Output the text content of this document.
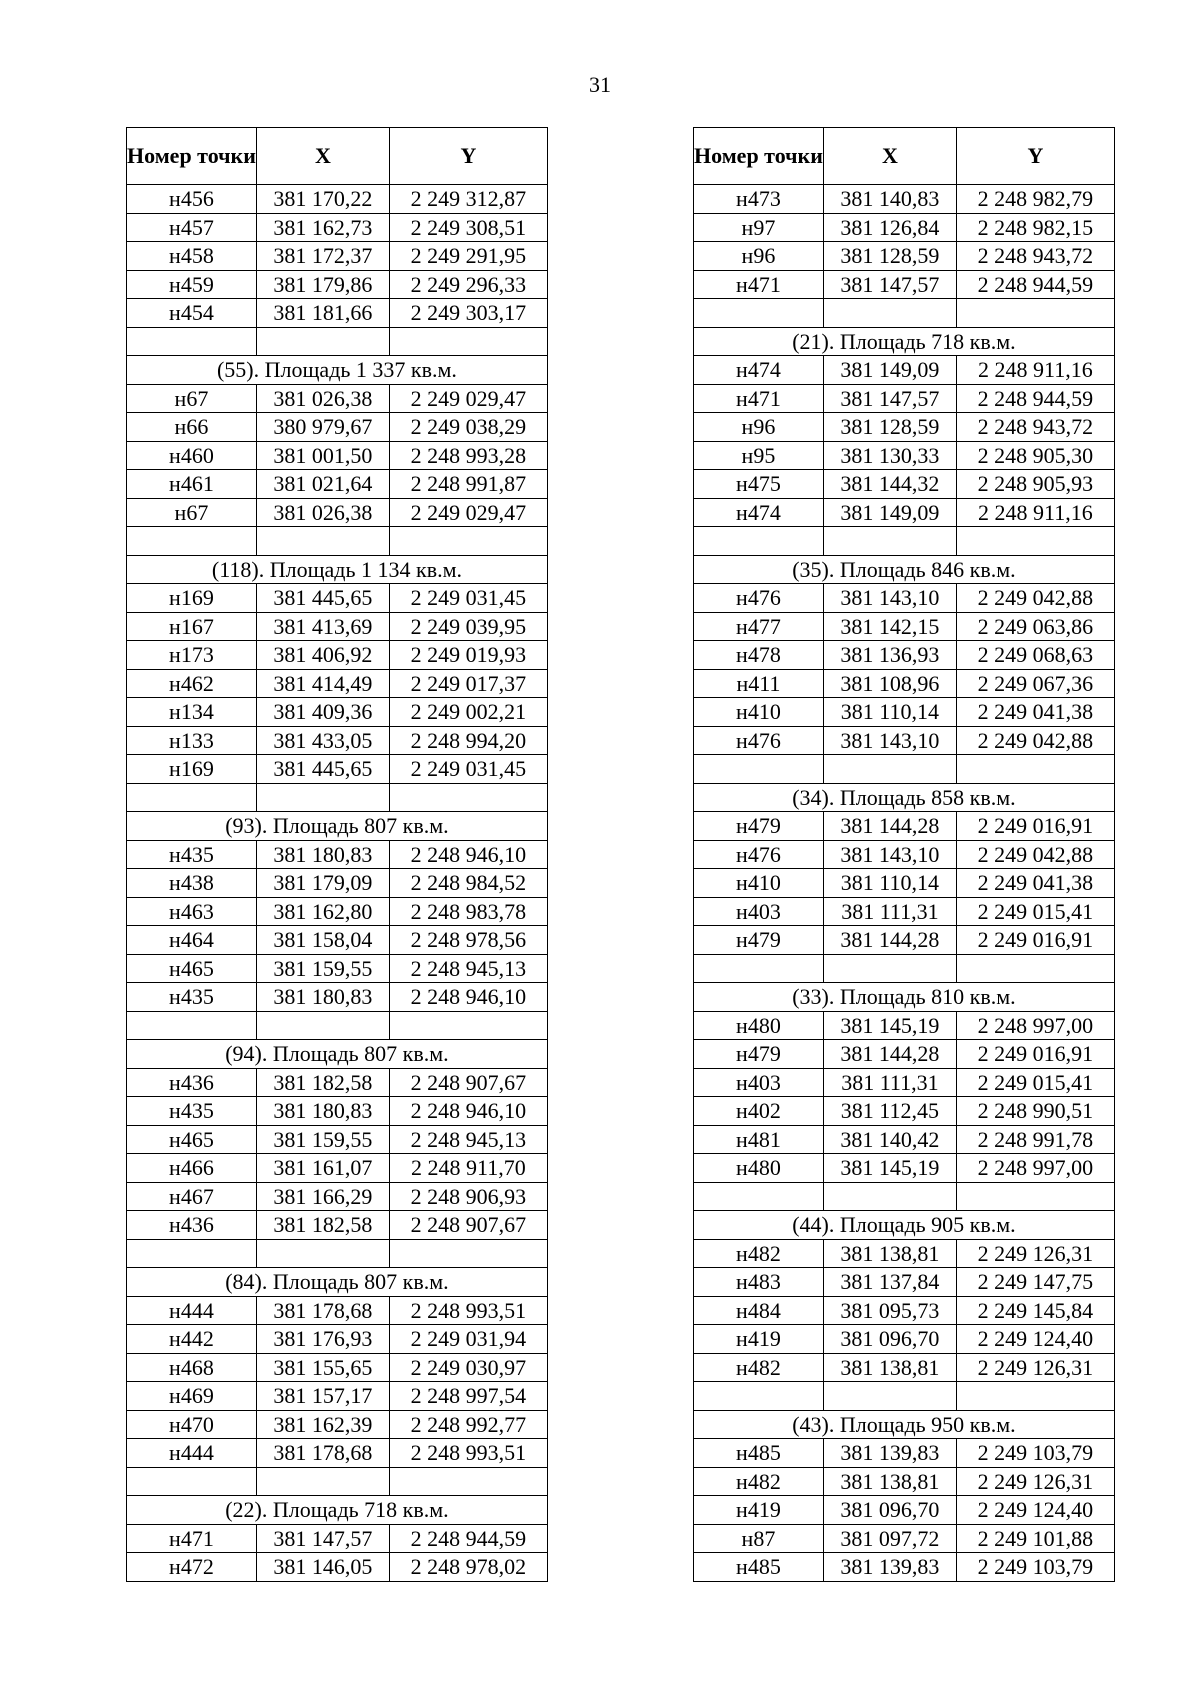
31
Номер точки	X	Y
н456	381 170,22	2 249 312,87
н457	381 162,73	2 249 308,51
н458	381 172,37	2 249 291,95
н459	381 179,86	2 249 296,33
н454	381 181,66	2 249 303,17

(55). Площадь 1 337 кв.м.		
н67	381 026,38	2 249 029,47
н66	380 979,67	2 249 038,29
н460	381 001,50	2 248 993,28
н461	381 021,64	2 248 991,87
н67	381 026,38	2 249 029,47

(118). Площадь 1 134 кв.м.		
н169	381 445,65	2 249 031,45
н167	381 413,69	2 249 039,95
н173	381 406,92	2 249 019,93
н462	381 414,49	2 249 017,37
н134	381 409,36	2 249 002,21
н133	381 433,05	2 248 994,20
н169	381 445,65	2 249 031,45

(93). Площадь 807 кв.м.		
н435	381 180,83	2 248 946,10
н438	381 179,09	2 248 984,52
н463	381 162,80	2 248 983,78
н464	381 158,04	2 248 978,56
н465	381 159,55	2 248 945,13
н435	381 180,83	2 248 946,10

(94). Площадь 807 кв.м.		
н436	381 182,58	2 248 907,67
н435	381 180,83	2 248 946,10
н465	381 159,55	2 248 945,13
н466	381 161,07	2 248 911,70
н467	381 166,29	2 248 906,93
н436	381 182,58	2 248 907,67

(84). Площадь 807 кв.м.		
н444	381 178,68	2 248 993,51
н442	381 176,93	2 249 031,94
н468	381 155,65	2 249 030,97
н469	381 157,17	2 248 997,54
н470	381 162,39	2 248 992,77
н444	381 178,68	2 248 993,51

(22). Площадь 718 кв.м.		
н471	381 147,57	2 248 944,59
н472	381 146,05	2 248 978,02
Номер точки	X	Y
н473	381 140,83	2 248 982,79
н97	381 126,84	2 248 982,15
н96	381 128,59	2 248 943,72
н471	381 147,57	2 248 944,59

(21). Площадь 718 кв.м.		
н474	381 149,09	2 248 911,16
н471	381 147,57	2 248 944,59
н96	381 128,59	2 248 943,72
н95	381 130,33	2 248 905,30
н475	381 144,32	2 248 905,93
н474	381 149,09	2 248 911,16

(35). Площадь 846 кв.м.		
н476	381 143,10	2 249 042,88
н477	381 142,15	2 249 063,86
н478	381 136,93	2 249 068,63
н411	381 108,96	2 249 067,36
н410	381 110,14	2 249 041,38
н476	381 143,10	2 249 042,88

(34). Площадь 858 кв.м.		
н479	381 144,28	2 249 016,91
н476	381 143,10	2 249 042,88
н410	381 110,14	2 249 041,38
н403	381 111,31	2 249 015,41
н479	381 144,28	2 249 016,91

(33). Площадь 810 кв.м.		
н480	381 145,19	2 248 997,00
н479	381 144,28	2 249 016,91
н403	381 111,31	2 249 015,41
н402	381 112,45	2 248 990,51
н481	381 140,42	2 248 991,78
н480	381 145,19	2 248 997,00

(44). Площадь 905 кв.м.		
н482	381 138,81	2 249 126,31
н483	381 137,84	2 249 147,75
н484	381 095,73	2 249 145,84
н419	381 096,70	2 249 124,40
н482	381 138,81	2 249 126,31

(43). Площадь 950 кв.м.		
н485	381 139,83	2 249 103,79
н482	381 138,81	2 249 126,31
н419	381 096,70	2 249 124,40
н87	381 097,72	2 249 101,88
н485	381 139,83	2 249 103,79
